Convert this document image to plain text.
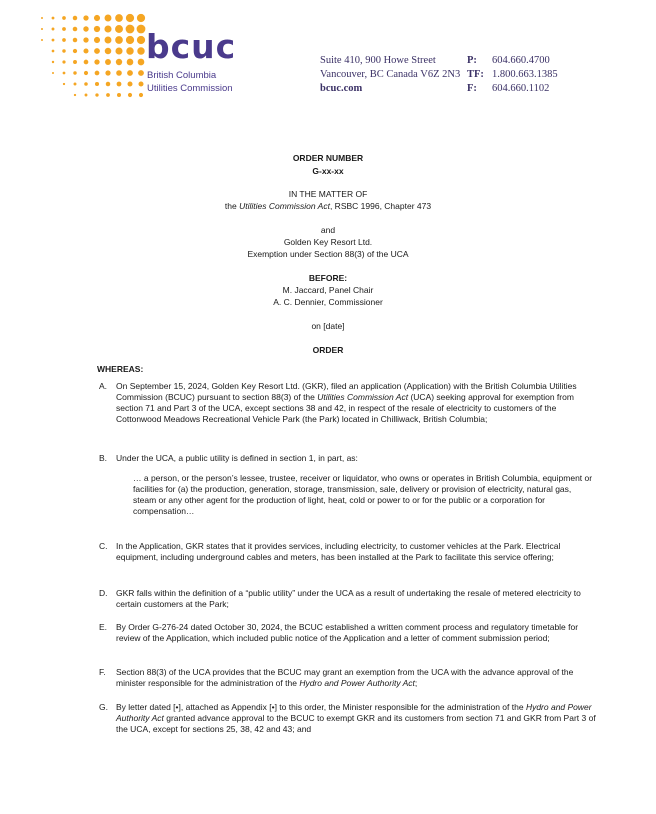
bcuc
British Columbia
Utilities Commission
Suite 410, 900 Howe Street
Vancouver, BC Canada V6Z 2N3
bcuc.com
P: 604.660.4700
TF: 1.800.663.1385
F: 604.660.1102
ORDER NUMBER
G-xx-xx
IN THE MATTER OF
the Utilities Commission Act, RSBC 1996, Chapter 473
and
Golden Key Resort Ltd.
Exemption under Section 88(3) of the UCA
BEFORE:
M. Jaccard, Panel Chair
A. C. Dennier, Commissioner
on [date]
ORDER
WHEREAS:
A. On September 15, 2024, Golden Key Resort Ltd. (GKR), filed an application (Application) with the British Columbia Utilities Commission (BCUC) pursuant to section 88(3) of the Utilities Commission Act (UCA) seeking approval for exemption from section 71 and Part 3 of the UCA, except sections 38 and 42, in respect of the resale of electricity to customers of the Cottonwood Meadows Recreational Vehicle Park (the Park) located in Chilliwack, British Columbia;
B. Under the UCA, a public utility is defined in section 1, in part, as:
… a person, or the person’s lessee, trustee, receiver or liquidator, who owns or operates in British Columbia, equipment or facilities for (a) the production, generation, storage, transmission, sale, delivery or provision of electricity, natural gas, steam or any other agent for the production of light, heat, cold or power to or for the public or a corporation for compensation…
C. In the Application, GKR states that it provides services, including electricity, to customer vehicles at the Park. Electrical equipment, including underground cables and meters, has been installed at the Park to facilitate this service offering;
D. GKR falls within the definition of a “public utility” under the UCA as a result of undertaking the resale of metered electricity to certain customers at the Park;
E. By Order G-276-24 dated October 30, 2024, the BCUC established a written comment process and regulatory timetable for review of the Application, which included public notice of the Application and a letter of comment submission period;
F. Section 88(3) of the UCA provides that the BCUC may grant an exemption from the UCA with the advance approval of the minister responsible for the administration of the Hydro and Power Authority Act;
G. By letter dated [•], attached as Appendix [•] to this order, the Minister responsible for the administration of the Hydro and Power Authority Act granted advance approval to the BCUC to exempt GKR and its customers from section 71 and GKR from Part 3 of the UCA, except for sections 25, 38, 42 and 43; and
